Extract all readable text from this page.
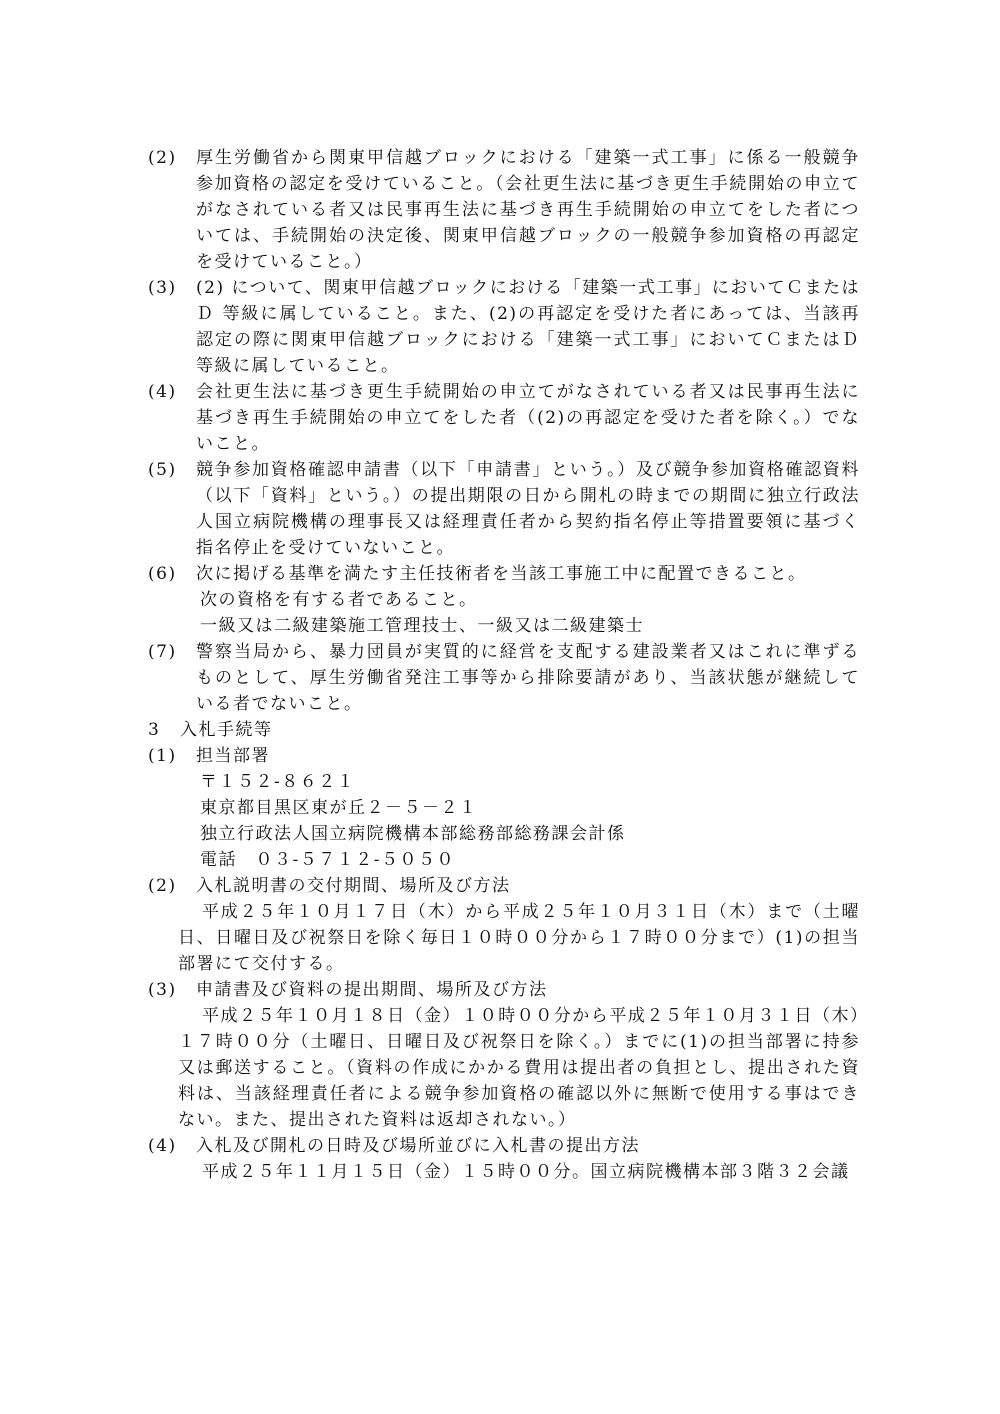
(2)	厚生労働省から関東甲信越ブロックにおける「建築一式工事」に係る一般競争参加資格の認定を受けていること。（会社更生法に基づき更生手続開始の申立てがなされている者又は民事再生法に基づき再生手続開始の申立てをした者については、手続開始の決定後、関東甲信越ブロックの一般競争参加資格の再認定を受けていること。）
(3)	(2) について、関東甲信越ブロックにおける「建築一式工事」においてＣまたは Ｄ 等級に属していること。また、(2)の再認定を受けた者にあっては、当該再認定の際に関東甲信越ブロックにおける「建築一式工事」においてＣまたはＤ等級に属していること。
(4)	会社更生法に基づき更生手続開始の申立てがなされている者又は民事再生法に基づき再生手続開始の申立てをした者（(2)の再認定を受けた者を除く。）でないこと。
(5)	競争参加資格確認申請書（以下「申請書」という。）及び競争参加資格確認資料（以下「資料」という。）の提出期限の日から開札の時までの期間に独立行政法人国立病院機構の理事長又は経理責任者から契約指名停止等措置要領に基づく指名停止を受けていないこと。
(6)	次に掲げる基準を満たす主任技術者を当該工事施工中に配置できること。
次の資格を有する者であること。
一級又は二級建築施工管理技士、一級又は二級建築士
(7)	警察当局から、暴力団員が実質的に経営を支配する建設業者又はこれに準ずるものとして、厚生労働省発注工事等から排除要請があり、当該状態が継続している者でないこと。
3	入札手続等
(1)	担当部署
〒１５２-８６２１
東京都目黒区東が丘２－５－２１
独立行政法人国立病院機構本部総務部総務課会計係
電話　０３-５７１２-５０５０
(2)	入札説明書の交付期間、場所及び方法
平成２５年１０月１７日（木）から平成２５年１０月３１日（木）まで（土曜日、日曜日及び祝祭日を除く毎日１０時００分から１７時００分まで）(1)の担当部署にて交付する。
(3)	申請書及び資料の提出期間、場所及び方法
平成２５年１０月１８日（金）１０時００分から平成２５年１０月３１日（木）１７時００分（土曜日、日曜日及び祝祭日を除く。）までに(1)の担当部署に持参又は郵送すること。（資料の作成にかかる費用は提出者の負担とし、提出された資料は、当該経理責任者による競争参加資格の確認以外に無断で使用する事はできない。また、提出された資料は返却されない。）
(4)	入札及び開札の日時及び場所並びに入札書の提出方法
平成２５年１１月１５日（金）１５時００分。国立病院機構本部３階３２会議
